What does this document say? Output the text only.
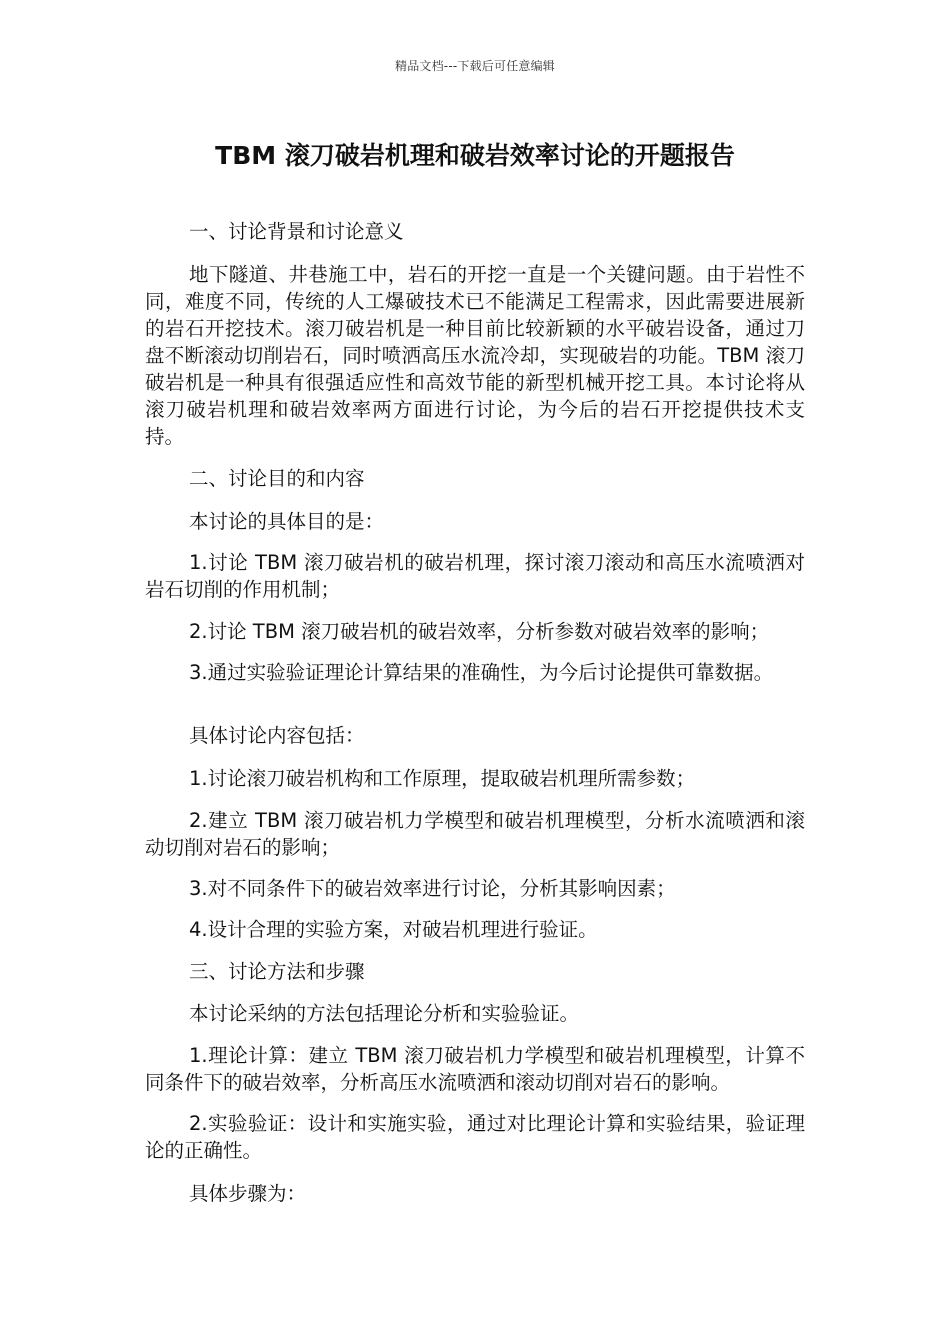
精品文档---下载后可任意编辑
TBM 滚刀破岩机理和破岩效率讨论的开题报告

一、讨论背景和讨论意义

地下隧道、井巷施工中，岩石的开挖一直是一个关键问题。由于岩性不同，难度不同，传统的人工爆破技术已不能满足工程需求，因此需要进展新的岩石开挖技术。滚刀破岩机是一种目前比较新颖的水平破岩设备，通过刀盘不断滚动切削岩石，同时喷洒高压水流冷却，实现破岩的功能。TBM 滚刀破岩机是一种具有很强适应性和高效节能的新型机械开挖工具。本讨论将从滚刀破岩机理和破岩效率两方面进行讨论，为今后的岩石开挖提供技术支持。

二、讨论目的和内容

本讨论的具体目的是：

1.讨论 TBM 滚刀破岩机的破岩机理，探讨滚刀滚动和高压水流喷洒对岩石切削的作用机制；

2.讨论 TBM 滚刀破岩机的破岩效率，分析参数对破岩效率的影响；

3.通过实验验证理论计算结果的准确性，为今后讨论提供可靠数据。

具体讨论内容包括：

1.讨论滚刀破岩机构和工作原理，提取破岩机理所需参数；

2.建立 TBM 滚刀破岩机力学模型和破岩机理模型，分析水流喷洒和滚动切削对岩石的影响；

3.对不同条件下的破岩效率进行讨论，分析其影响因素；

4.设计合理的实验方案，对破岩机理进行验证。

三、讨论方法和步骤

本讨论采纳的方法包括理论分析和实验验证。

1.理论计算：建立 TBM 滚刀破岩机力学模型和破岩机理模型，计算不同条件下的破岩效率，分析高压水流喷洒和滚动切削对岩石的影响。

2.实验验证：设计和实施实验，通过对比理论计算和实验结果，验证理论的正确性。

具体步骤为：
